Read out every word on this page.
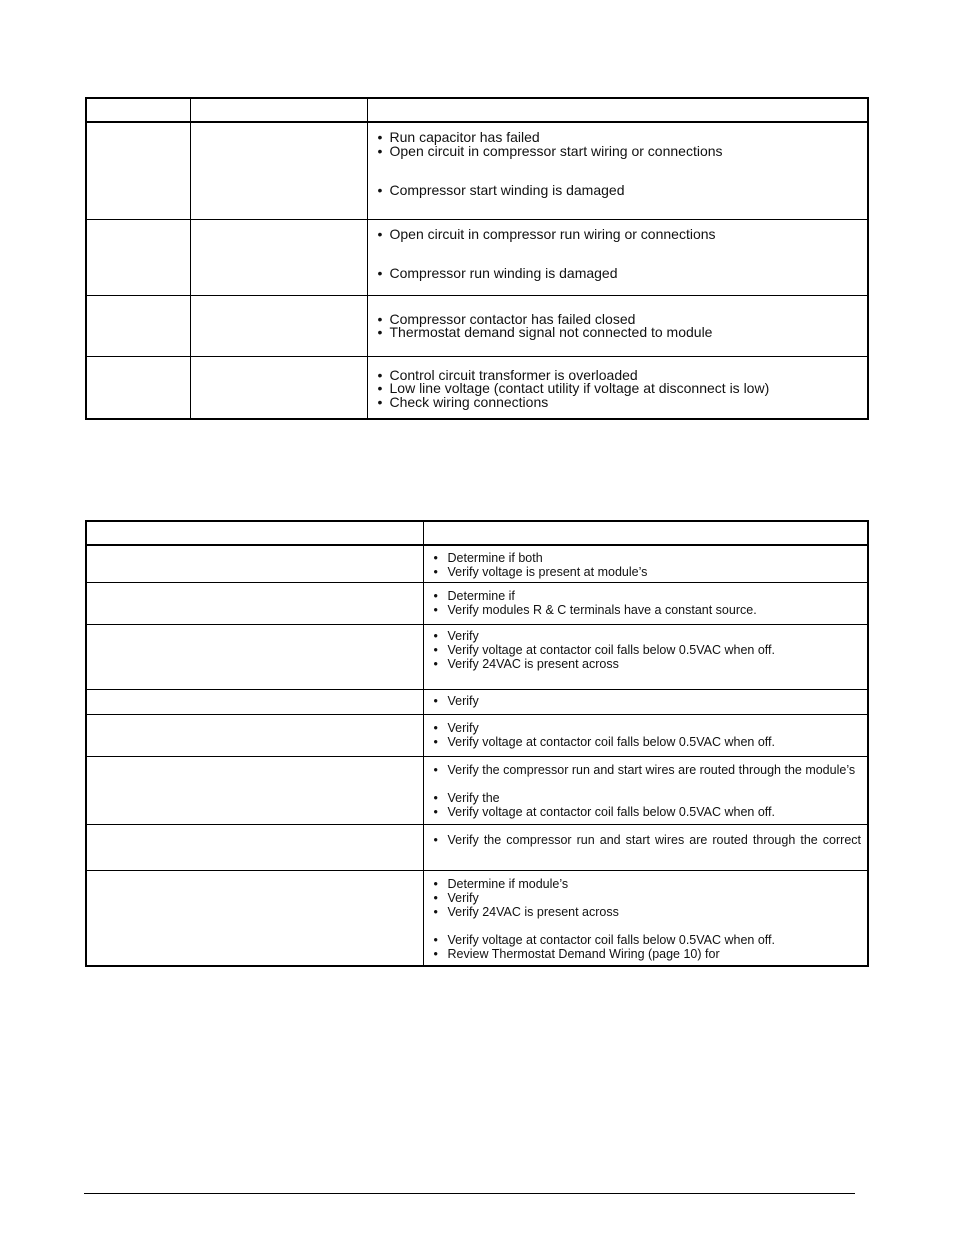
		• Run capacitor has failed
• Open circuit in compressor start wiring or connections
• Compressor start winding is damaged

		• Open circuit in compressor run wiring or connections
• Compressor run winding is damaged

		• Compressor contactor has failed closed
• Thermostat demand signal not connected to module

		• Control circuit transformer is overloaded
• Low line voltage (contact utility if voltage at disconnect is low)
• Check wiring connections

	• Determine if both
• Verify voltage is present at module’s

	• Determine if
• Verify modules R & C terminals have a constant source.

	• Verify
• Verify voltage at contactor coil falls below 0.5VAC when off.
• Verify 24VAC is present across

	• Verify

	• Verify
• Verify voltage at contactor coil falls below 0.5VAC when off.

	• Verify the compressor run and start wires are routed through the module’s
• Verify the
• Verify voltage at contactor coil falls below 0.5VAC when off.

	• Verify the compressor run and start wires are routed through the correct

	• Determine if module’s
• Verify
• Verify 24VAC is present across
• Verify voltage at contactor coil falls below 0.5VAC when off.
• Review Thermostat Demand Wiring (page 10) for
